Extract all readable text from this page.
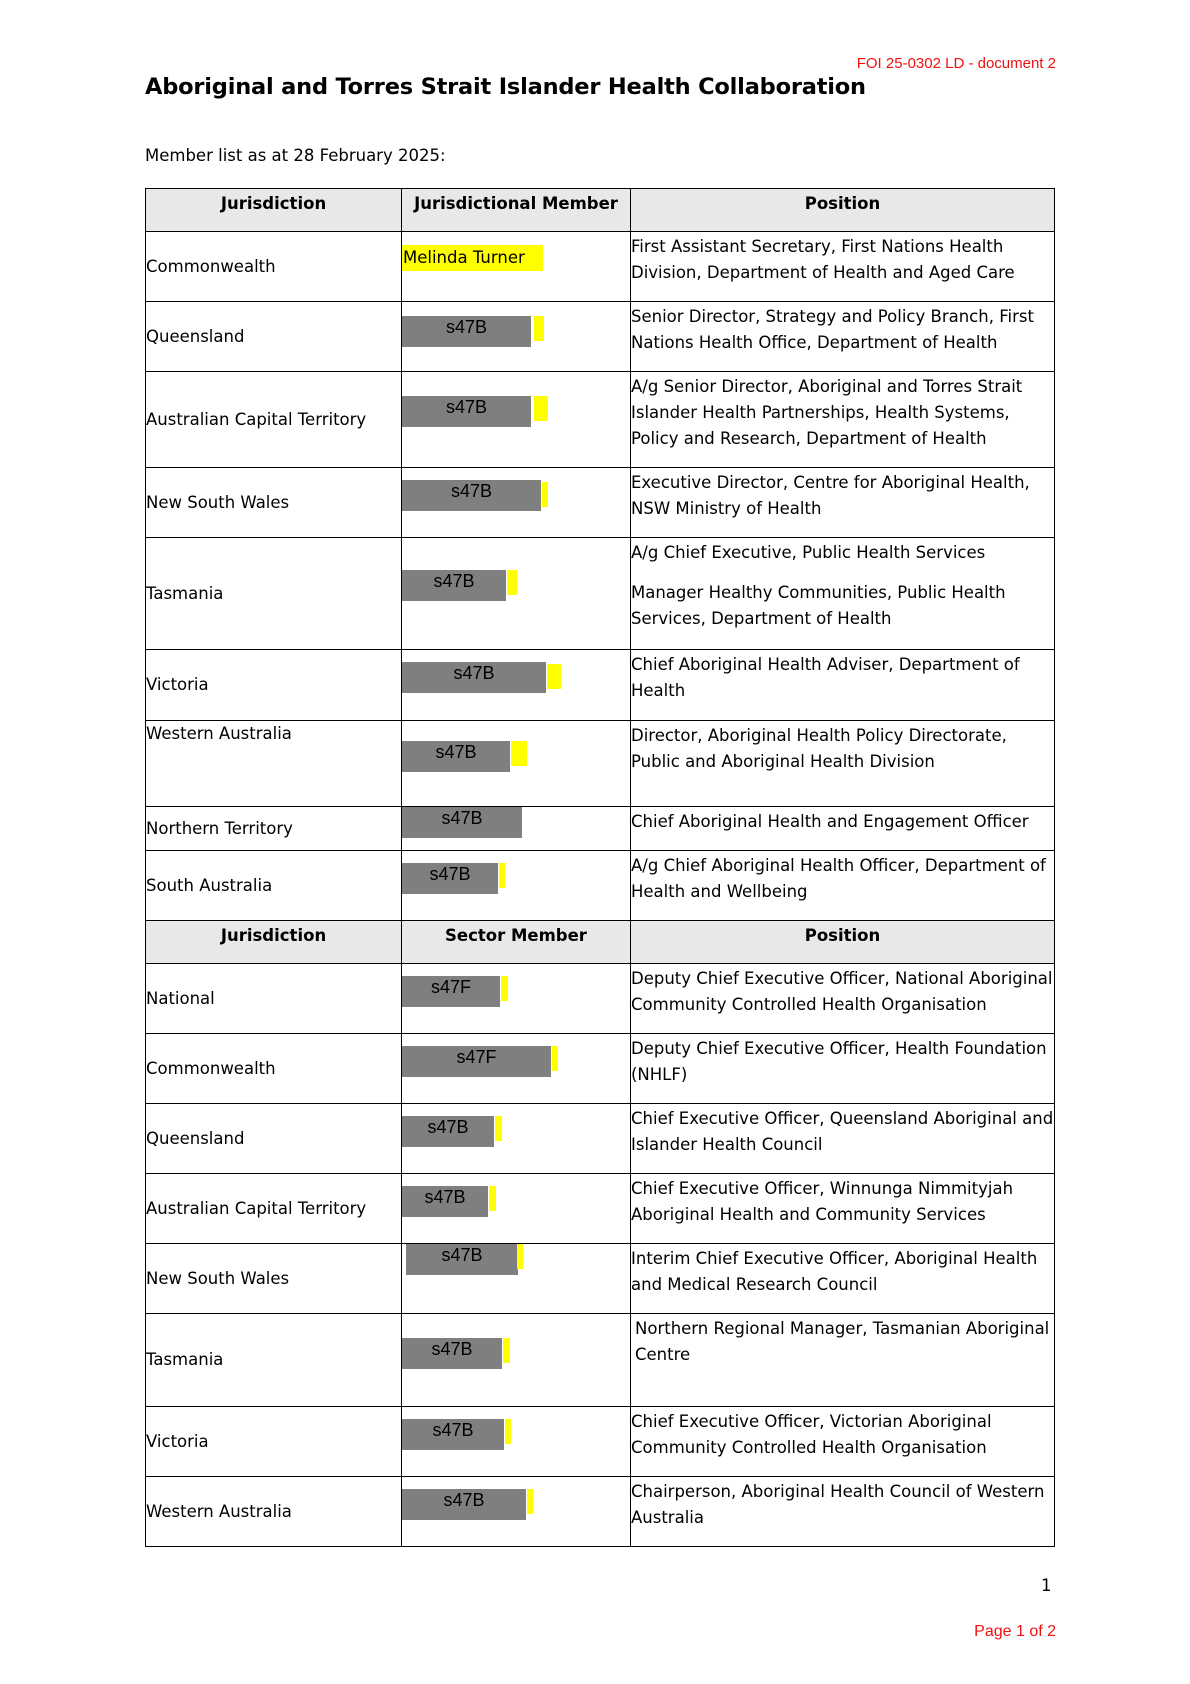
FOI 25-0302 LD - document 2
Aboriginal and Torres Strait Islander Health Collaboration
Member list as at 28 February 2025:
Jurisdiction	Jurisdictional Member	Position
Commonwealth	Melinda Turner	First Assistant Secretary, First Nations Health
Division, Department of Health and Aged Care

Queensland	s47B	Senior Director, Strategy and Policy Branch, First
Nations Health Office, Department of Health

Australian Capital Territory	s47B	A/g Senior Director, Aboriginal and Torres Strait
Islander Health Partnerships, Health Systems,
Policy and Research, Department of Health

New South Wales	s47B	Executive Director, Centre for Aboriginal Health,
NSW Ministry of Health

Tasmania	s47B	A/g Chief Executive, Public Health Services
Manager Healthy Communities, Public Health
Services, Department of Health

Victoria	s47B	Chief Aboriginal Health Adviser, Department of
Health

Western Australia	s47B	Director, Aboriginal Health Policy Directorate,
Public and Aboriginal Health Division

Northern Territory	s47B	Chief Aboriginal Health and Engagement Officer

South Australia	s47B	A/g Chief Aboriginal Health Officer, Department of
Health and Wellbeing

Jurisdiction	Sector Member	Position
National	s47F	Deputy Chief Executive Officer, National Aboriginal
Community Controlled Health Organisation

Commonwealth	s47F	Deputy Chief Executive Officer, Health Foundation
(NHLF)

Queensland	s47B	Chief Executive Officer, Queensland Aboriginal and
Islander Health Council

Australian Capital Territory	s47B	Chief Executive Officer, Winnunga Nimmityjah
Aboriginal Health and Community Services

New South Wales	s47B	Interim Chief Executive Officer, Aboriginal Health
and Medical Research Council

Tasmania	s47B	Northern Regional Manager, Tasmanian Aboriginal
Centre

Victoria	s47B	Chief Executive Officer, Victorian Aboriginal
Community Controlled Health Organisation

Western Australia	s47B	Chairperson, Aboriginal Health Council of Western
Australia
1
Page 1 of 2
